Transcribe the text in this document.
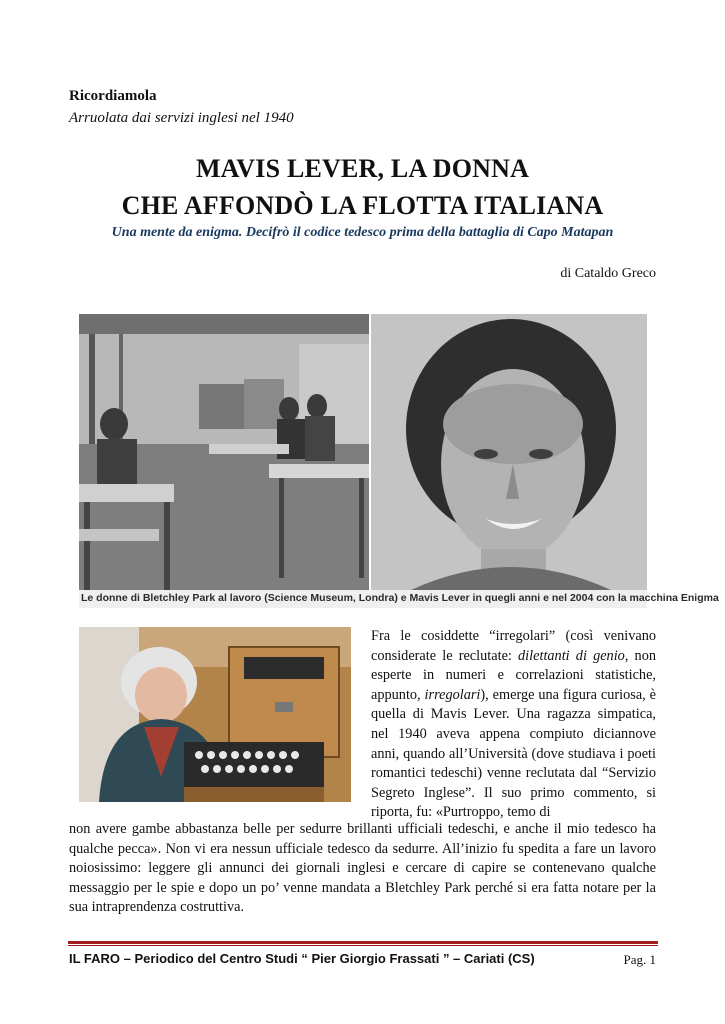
Ricordiamola
Arruolata dai servizi inglesi nel 1940
MAVIS LEVER, LA DONNA
CHE AFFONDÒ LA FLOTTA ITALIANA
Una mente da enigma. Decifrò il codice tedesco prima della battaglia di Capo Matapan
di Cataldo Greco
Le donne di Bletchley Park al lavoro (Science Museum, Londra) e Mavis Lever in quegli anni e nel 2004 con la macchina Enigma

Fra le cosiddette “irregolari” (così venivano considerate le reclutate: dilettanti di genio, non esperte in numeri e correlazioni statistiche, appunto, irregolari), emerge una figura curiosa, è quella di Mavis Lever. Una ragazza simpatica, nel 1940 aveva appena compiuto diciannove anni, quando all’Università (dove studiava i poeti romantici tedeschi) venne reclutata dal “Servizio Segreto Inglese”. Il suo primo commento, si riporta, fu: «Purtroppo, temo di

non avere gambe abbastanza belle per sedurre brillanti ufficiali tedeschi, e anche il mio tedesco ha qualche pecca». Non vi era nessun ufficiale tedesco da sedurre. All’inizio fu spedita a fare un lavoro noiosissimo: leggere gli annunci dei giornali inglesi e cercare di capire se contenevano qualche messaggio per le spie e dopo un po’ venne mandata a Bletchley Park perché si era fatta notare per la sua intraprendenza costruttiva.

IL FARO – Periodico del Centro Studi “ Pier Giorgio Frassati ” – Cariati (CS)	Pag. 1
